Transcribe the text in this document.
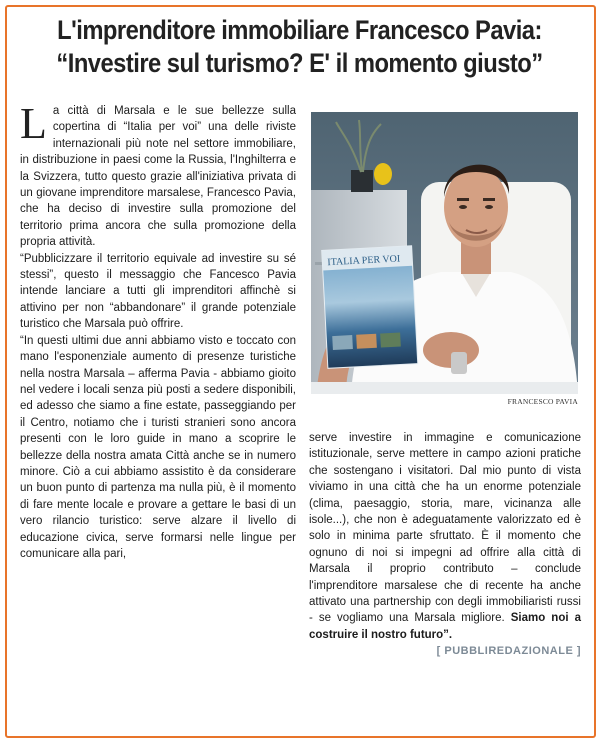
L'imprenditore immobiliare Francesco Pavia:
“Investire sul turismo? E' il momento giusto”
L a città di Marsala e le sue bellezze sulla copertina di “Italia per voi” una delle riviste internazionali più note nel settore immobiliare, in distribuzione in paesi come la Russia, l'Inghilterra e la Svizzera, tutto questo grazie all'iniziativa privata di un giovane imprenditore marsalese, Francesco Pavia, che ha deciso di investire sulla promozione del territorio prima ancora che sulla promozione della propria attività.

“Pubblicizzare il territorio equivale ad investire su sé stessi”, questo il messaggio che Fancesco Pavia intende lanciare a tutti gli imprenditori affinchè si attivino per non “abbandonare” il grande potenziale turistico che Marsala può offrire.

“In questi ultimi due anni abbiamo visto e toccato con mano l'esponenziale aumento di presenze turistiche nella nostra Marsala – afferma Pavia - abbiamo gioito nel vedere i locali senza più posti a sedere disponibili, ed adesso che siamo a fine estate, passeggiando per il Centro, notiamo che i turisti stranieri sono ancora presenti con le loro guide in mano a scoprire le bellezze della nostra amata Città anche se in numero minore. Ciò a cui abbiamo assistito è da considerare un buon punto di partenza ma nulla più, è il momento di fare mente locale e provare a gettare le basi di un vero rilancio turistico: serve alzare il livello di educazione civica, serve formarsi nelle lingue per comunicare alla pari,

ITALIA PER VOI
FRANCESCO PAVIA

serve investire in immagine e comunicazione istituzionale, serve mettere in campo azioni pratiche che sostengano i visitatori. Dal mio punto di vista viviamo in una città che ha un enorme potenziale (clima, paesaggio, storia, mare, vicinanza alle isole...), che non è adeguatamente valorizzato ed è solo in minima parte sfruttato. È il momento che ognuno di noi si impegni ad offrire alla città di Marsala il proprio contributo – conclude l'imprenditore marsalese che di recente ha anche attivato una partnership con degli immobiliaristi russi - se vogliamo una Marsala migliore. Siamo noi a costruire il nostro futuro”.
[ PUBBLIREDAZIONALE ]
